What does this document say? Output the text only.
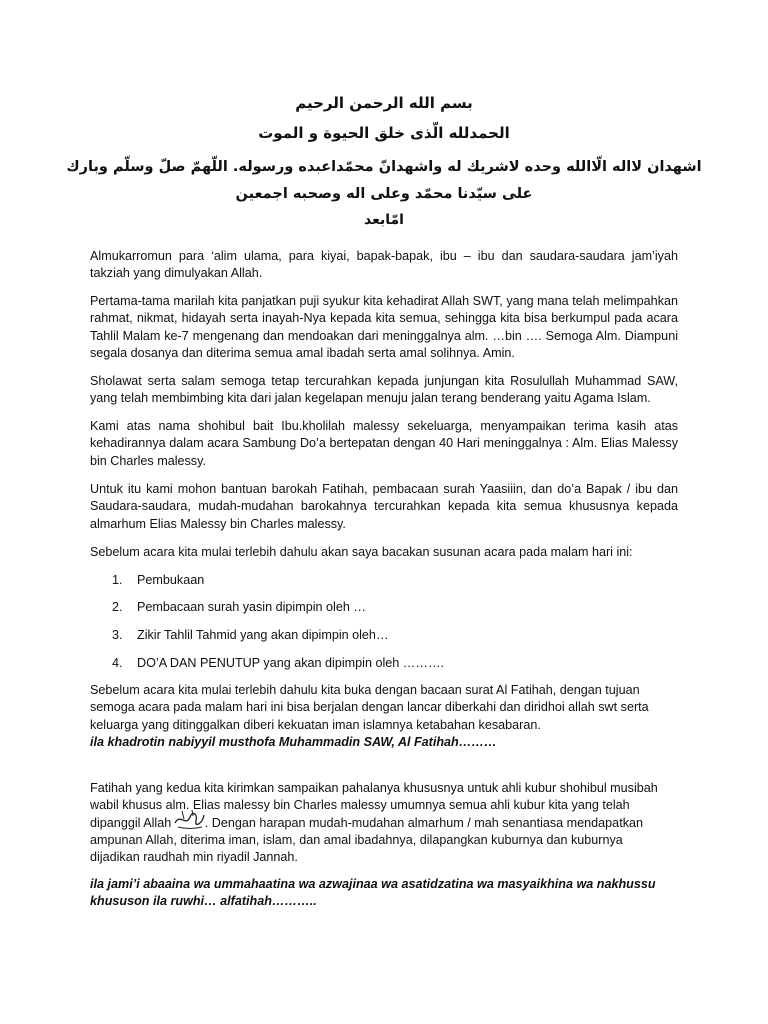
بسم الله الرحمن الرحيم
الحمدلله الّذى خلق الحيوة و الموت
اشهدان لااله الّاالله وحده لاشريك له واشهدانّ محمّداعبده ورسوله. اللّهمّ صلّ وسلّم وبارك على سيّدنا محمّد وعلى اله وصحبه اجمعين
امّابعد

Almukarromun para ‘alim ulama, para kiyai, bapak-bapak, ibu – ibu dan saudara-saudara jam’iyah takziah yang dimulyakan Allah.

Pertama-tama marilah kita panjatkan puji syukur kita kehadirat Allah SWT, yang mana telah melimpahkan rahmat, nikmat, hidayah serta inayah-Nya kepada kita semua, sehingga kita bisa berkumpul pada acara Tahlil Malam ke-7 mengenang dan mendoakan dari meninggalnya alm. …bin …. Semoga Alm. Diampuni segala dosanya dan diterima semua amal ibadah serta amal solihnya. Amin.

Sholawat serta salam semoga tetap tercurahkan kepada junjungan kita Rosulullah Muhammad SAW, yang telah membimbing kita dari jalan kegelapan menuju jalan terang benderang yaitu Agama Islam.

Kami atas nama shohibul bait Ibu.kholilah malessy sekeluarga, menyampaikan terima kasih atas kehadirannya dalam acara Sambung Do’a bertepatan dengan 40 Hari meninggalnya : Alm. Elias Malessy bin Charles malessy.

Untuk itu kami mohon bantuan barokah Fatihah, pembacaan surah Yaasiiin, dan do’a Bapak / ibu dan Saudara-saudara, mudah-mudahan barokahnya tercurahkan kepada kita semua khususnya kepada almarhum Elias Malessy bin Charles malessy.

Sebelum acara kita mulai terlebih dahulu akan saya bacakan susunan acara pada malam hari ini:

1. Pembukaan
2. Pembacaan surah yasin dipimpin oleh …
3. Zikir Tahlil Tahmid yang akan dipimpin oleh…
4. DO’A DAN PENUTUP yang akan dipimpin oleh ……….

Sebelum acara kita mulai terlebih dahulu kita buka dengan bacaan surat Al Fatihah, dengan tujuan semoga acara pada malam hari ini bisa berjalan dengan lancar diberkahi dan diridhoi allah swt serta keluarga yang ditinggalkan diberi kekuatan iman islamnya ketabahan kesabaran.

ila khadrotin nabiyyil musthofa Muhammadin SAW, Al Fatihah………

Fatihah yang kedua kita kirimkan sampaikan pahalanya khususnya untuk ahli kubur shohibul musibah
wabil khusus alm. Elias malessy bin Charles malessy umumnya semua ahli kubur kita yang telah
dipanggil Allah . Dengan harapan mudah-mudahan almarhum / mah senantiasa mendapatkan
ampunan Allah, diterima iman, islam, dan amal ibadahnya, dilapangkan kuburnya dan kuburnya
dijadikan raudhah min riyadil Jannah.

ila jami’i abaaina wa ummahaatina wa azwajinaa wa asatidzatina wa masyaikhina wa nakhussu khususon ila ruwhi… alfatihah………..
